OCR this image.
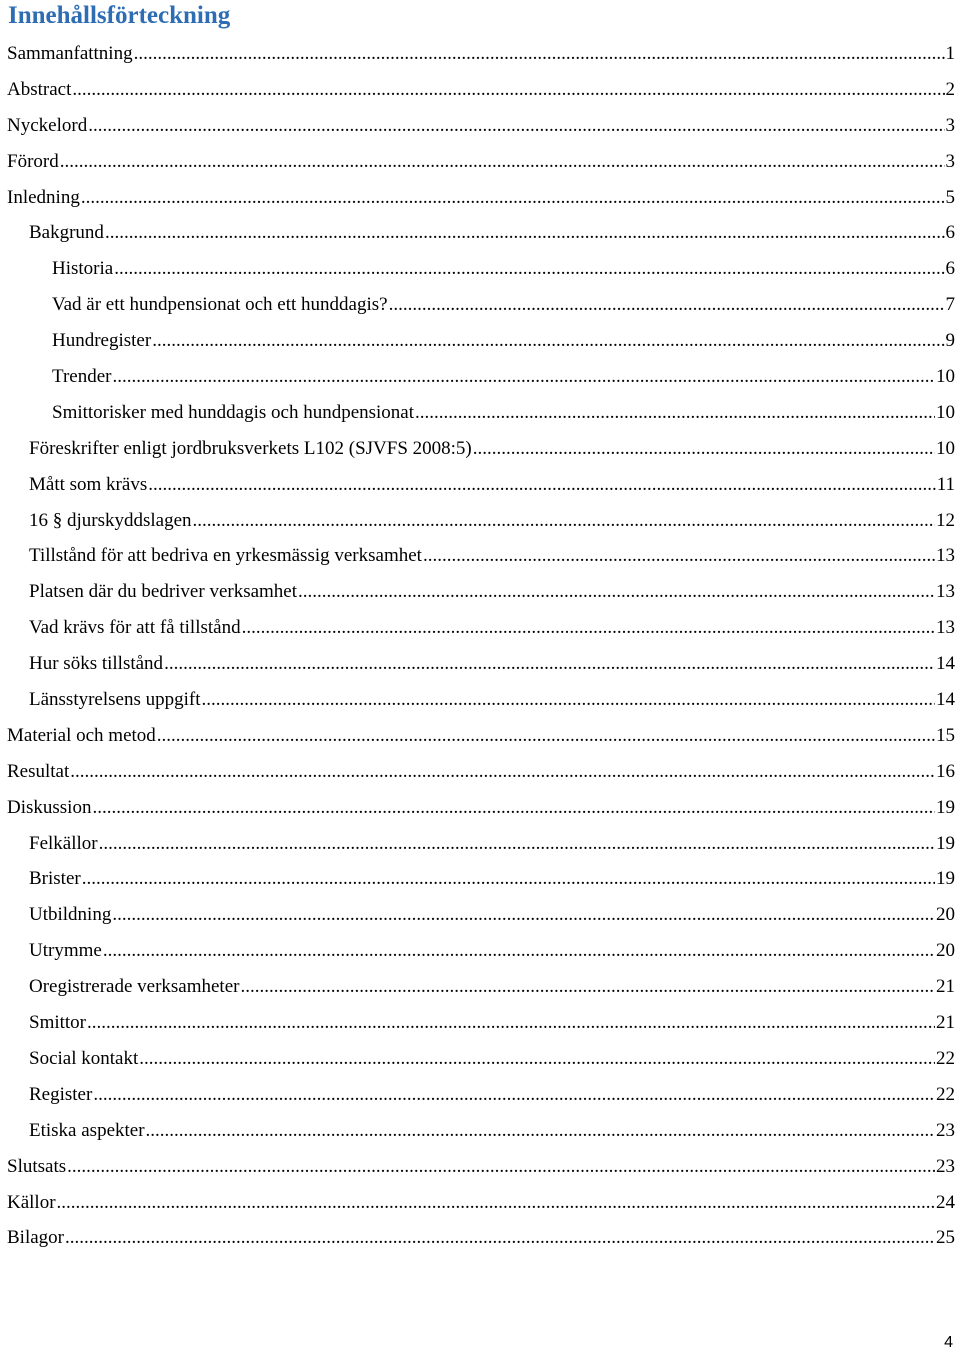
Innehållsförteckning
Sammanfattning .....	1
Abstract .....	2
Nyckelord .....	3
Förord .....	3
Inledning .....	5
Bakgrund .....	6
Historia .....	6
Vad är ett hundpensionat och ett hunddagis? .....	7
Hundregister .....	9
Trender .....	10
Smittorisker med hunddagis och hundpensionat .....	10
Föreskrifter enligt jordbruksverkets L102 (SJVFS 2008:5) .....	10
Mått som krävs .....	11
16 § djurskyddslagen .....	12
Tillstånd för att bedriva en yrkesmässig verksamhet .....	13
Platsen där du bedriver verksamhet .....	13
Vad krävs för att få tillstånd .....	13
Hur söks tillstånd .....	14
Länsstyrelsens uppgift .....	14
Material och metod .....	15
Resultat .....	16
Diskussion .....	19
Felkällor .....	19
Brister .....	19
Utbildning .....	20
Utrymme .....	20
Oregistrerade verksamheter .....	21
Smittor .....	21
Social kontakt .....	22
Register .....	22
Etiska aspekter .....	23
Slutsats .....	23
Källor .....	24
Bilagor .....	25
4
